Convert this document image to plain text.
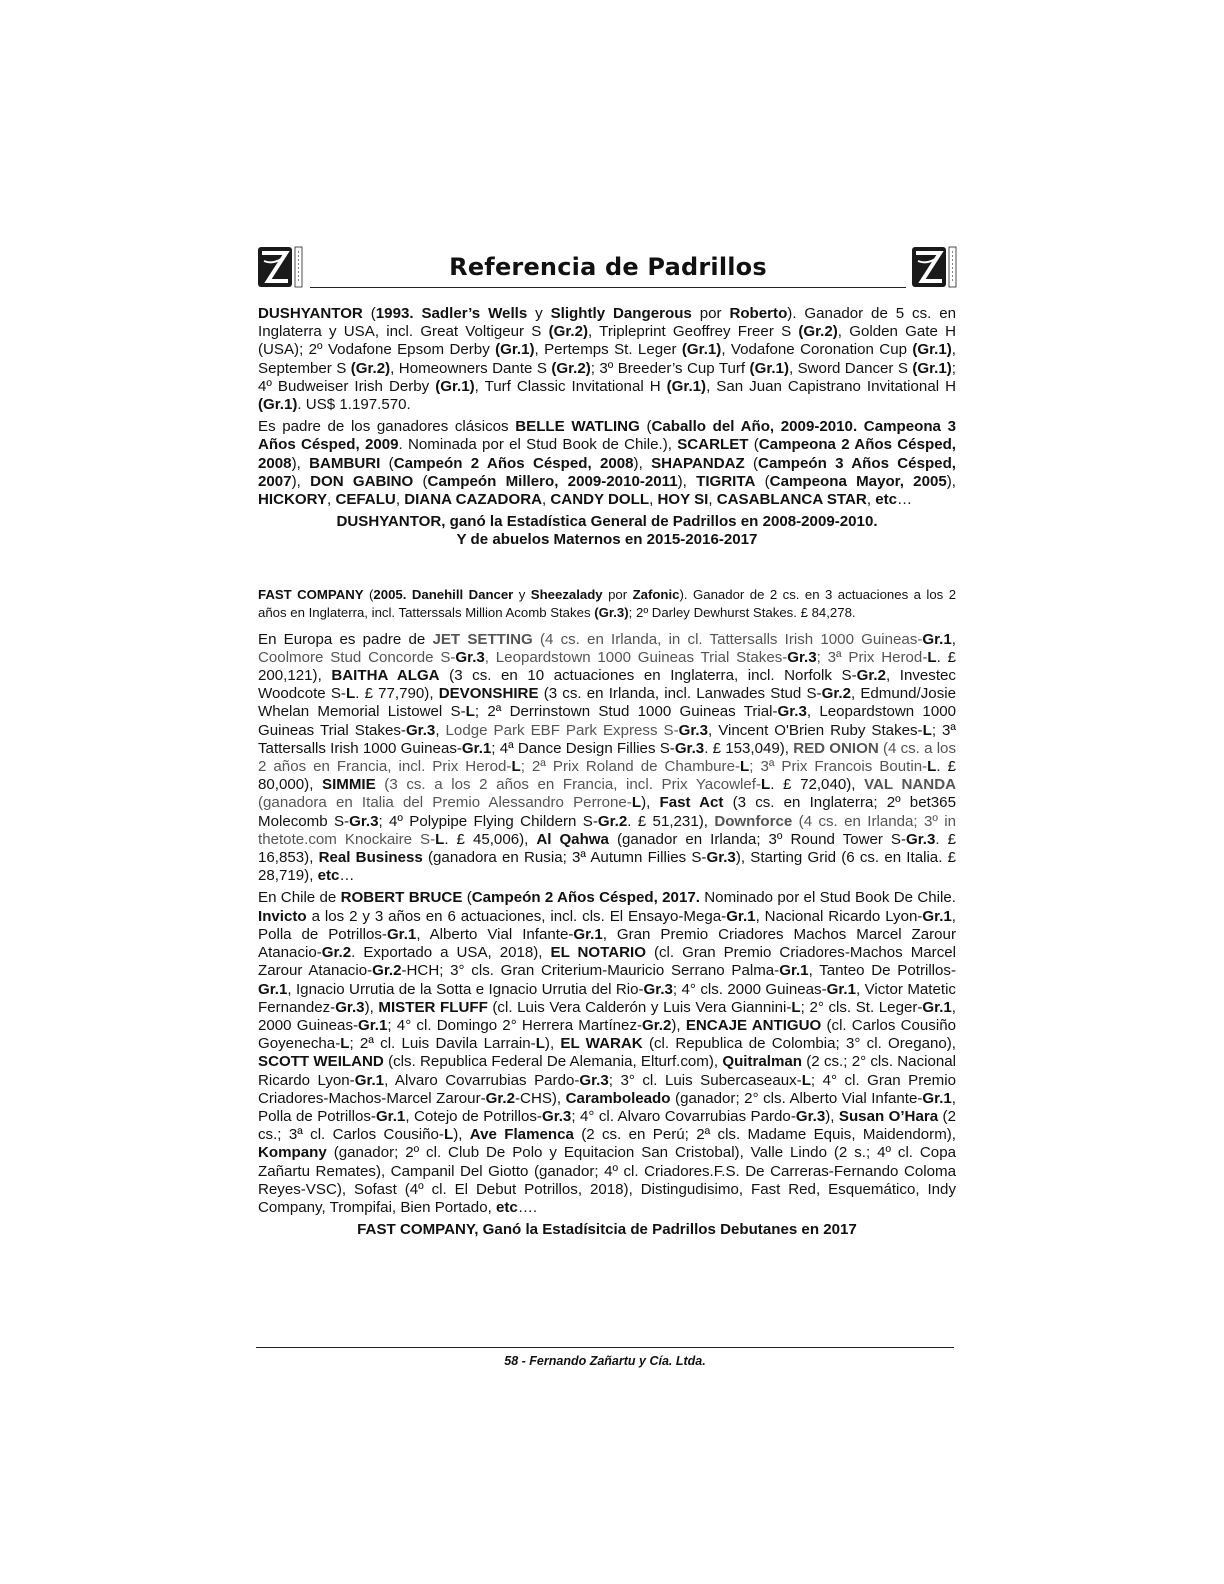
Referencia de Padrillos

DUSHYANTOR (1993. Sadler’s Wells y Slightly Dangerous por Roberto). Ganador de 5 cs. en Inglaterra y USA, incl. Great Voltigeur S (Gr.2), Tripleprint Geoffrey Freer S (Gr.2), Golden Gate H (USA); 2º Vodafone Epsom Derby (Gr.1), Pertemps St. Leger (Gr.1), Vodafone Coronation Cup (Gr.1), September S (Gr.2), Homeowners Dante S (Gr.2); 3º Breeder’s Cup Turf (Gr.1), Sword Dancer S (Gr.1); 4º Budweiser Irish Derby (Gr.1), Turf Classic Invitational H (Gr.1), San Juan Capistrano Invitational H (Gr.1). US$ 1.197.570.

Es padre de los ganadores clásicos BELLE WATLING (Caballo del Año, 2009-2010. Campeona 3 Años Césped, 2009. Nominada por el Stud Book de Chile.), SCARLET (Campeona 2 Años Césped, 2008), BAMBURI (Campeón 2 Años Césped, 2008), SHAPANDAZ (Campeón 3 Años Césped, 2007), DON GABINO (Campeón Millero, 2009-2010-2011), TIGRITA (Campeona Mayor, 2005), HICKORY, CEFALU, DIANA CAZADORA, CANDY DOLL, HOY SI, CASABLANCA STAR, etc…

DUSHYANTOR, ganó la Estadística General de Padrillos en 2008-2009-2010.

Y de abuelos Maternos en 2015-2016-2017

FAST COMPANY (2005. Danehill Dancer y Sheezalady por Zafonic). Ganador de 2 cs. en 3 actuaciones a los 2 años en Inglaterra, incl. Tatterssals Million Acomb Stakes (Gr.3); 2º Darley Dewhurst Stakes. £ 84,278.

En Europa es padre de JET SETTING (4 cs. en Irlanda, in cl. Tattersalls Irish 1000 Guineas-Gr.1, Coolmore Stud Concorde S-Gr.3, Leopardstown 1000 Guineas Trial Stakes-Gr.3; 3ª Prix Herod-L. £ 200,121), BAITHA ALGA (3 cs. en 10 actuaciones en Inglaterra, incl. Norfolk S-Gr.2, Investec Woodcote S-L. £ 77,790), DEVONSHIRE (3 cs. en Irlanda, incl. Lanwades Stud S-Gr.2, Edmund/Josie Whelan Memorial Listowel S-L; 2ª Derrinstown Stud 1000 Guineas Trial-Gr.3, Leopardstown 1000 Guineas Trial Stakes-Gr.3, Lodge Park EBF Park Express S-Gr.3, Vincent O'Brien Ruby Stakes-L; 3ª Tattersalls Irish 1000 Guineas-Gr.1; 4ª Dance Design Fillies S-Gr.3. £ 153,049), RED ONION (4 cs. a los 2 años en Francia, incl. Prix Herod-L; 2ª Prix Roland de Chambure-L; 3ª Prix Francois Boutin-L. £ 80,000), SIMMIE (3 cs. a los 2 años en Francia, incl. Prix Yacowlef-L. £ 72,040), VAL NANDA (ganadora en Italia del Premio Alessandro Perrone-L), Fast Act (3 cs. en Inglaterra; 2º bet365 Molecomb S-Gr.3; 4º Polypipe Flying Childern S-Gr.2. £ 51,231), Downforce (4 cs. en Irlanda; 3º in thetote.com Knockaire S-L. £ 45,006), Al Qahwa (ganador en Irlanda; 3º Round Tower S-Gr.3. £ 16,853), Real Business (ganadora en Rusia; 3ª Autumn Fillies S-Gr.3), Starting Grid (6 cs. en Italia. £ 28,719), etc…

En Chile de ROBERT BRUCE (Campeón 2 Años Césped, 2017. Nominado por el Stud Book De Chile. Invicto a los 2 y 3 años en 6 actuaciones, incl. cls. El Ensayo-Mega-Gr.1, Nacional Ricardo Lyon-Gr.1, Polla de Potrillos-Gr.1, Alberto Vial Infante-Gr.1, Gran Premio Criadores Machos Marcel Zarour Atanacio-Gr.2. Exportado a USA, 2018), EL NOTARIO (cl. Gran Premio Criadores-Machos Marcel Zarour Atanacio-Gr.2-HCH; 3° cls. Gran Criterium-Mauricio Serrano Palma-Gr.1, Tanteo De Potrillos-Gr.1, Ignacio Urrutia de la Sotta e Ignacio Urrutia del Rio-Gr.3; 4° cls. 2000 Guineas-Gr.1, Victor Matetic Fernandez-Gr.3), MISTER FLUFF (cl. Luis Vera Calderón y Luis Vera Giannini-L; 2° cls. St. Leger-Gr.1, 2000 Guineas-Gr.1; 4° cl. Domingo 2° Herrera Martínez-Gr.2), ENCAJE ANTIGUO (cl. Carlos Cousiño Goyenecha-L; 2ª cl. Luis Davila Larrain-L), EL WARAK (cl. Republica de Colombia; 3° cl. Oregano), SCOTT WEILAND (cls. Republica Federal De Alemania, Elturf.com), Quitralman (2 cs.; 2° cls. Nacional Ricardo Lyon-Gr.1, Alvaro Covarrubias Pardo-Gr.3; 3° cl. Luis Subercaseaux-L; 4° cl. Gran Premio Criadores-Machos-Marcel Zarour-Gr.2-CHS), Caramboleado (ganador; 2° cls. Alberto Vial Infante-Gr.1, Polla de Potrillos-Gr.1, Cotejo de Potrillos-Gr.3; 4° cl. Alvaro Covarrubias Pardo-Gr.3), Susan O’Hara (2 cs.; 3ª cl. Carlos Cousiño-L), Ave Flamenca (2 cs. en Perú; 2ª cls. Madame Equis, Maidendorm), Kompany (ganador; 2º cl. Club De Polo y Equitacion San Cristobal), Valle Lindo (2 s.; 4º cl. Copa Zañartu Remates), Campanil Del Giotto (ganador; 4º cl. Criadores.F.S. De Carreras-Fernando Coloma Reyes-VSC), Sofast (4º cl. El Debut Potrillos, 2018), Distingudisimo, Fast Red, Esquemático, Indy Company, Trompifai, Bien Portado, etc….

FAST COMPANY, Ganó la Estadísitcia de Padrillos Debutanes en 2017

58 - Fernando Zañartu y Cía. Ltda.
